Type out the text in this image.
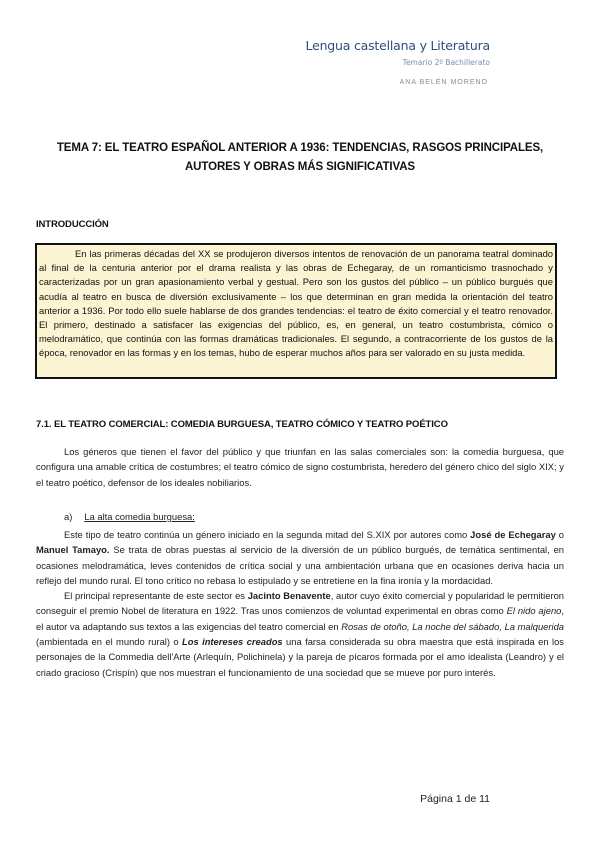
Lengua castellana y Literatura
Temario 2º Bachillerato
ANA BELÉN MORENO
TEMA 7: EL TEATRO ESPAÑOL ANTERIOR A 1936: TENDENCIAS, RASGOS PRINCIPALES,
AUTORES Y OBRAS MÁS SIGNIFICATIVAS
INTRODUCCIÓN
En las primeras décadas del XX se produjeron diversos intentos de renovación de un panorama teatral dominado al final de la centuria anterior por el drama realista y las obras de Echegaray, de un romanticismo trasnochado y caracterizadas por un gran apasionamiento verbal y gestual. Pero son los gustos del público – un público burgués que acudía al teatro en busca de diversión exclusivamente – los que determinan en gran medida la orientación del teatro anterior a 1936. Por todo ello suele hablarse de dos grandes tendencias: el teatro de éxito comercial y el teatro renovador. El primero, destinado a satisfacer las exigencias del público, es, en general, un teatro costumbrista, cómico o melodramático, que continúa con las formas dramáticas tradicionales. El segundo, a contracorriente de los gustos de la época, renovador en las formas y en los temas, hubo de esperar muchos años para ser valorado en su justa medida.
7.1. EL TEATRO COMERCIAL: COMEDIA BURGUESA, TEATRO CÓMICO Y TEATRO POÉTICO

Los géneros que tienen el favor del público y que triunfan en las salas comerciales son: la comedia burguesa, que configura una amable crítica de costumbres; el teatro cómico de signo costumbrista, heredero del género chico del siglo XIX; y el teatro poético, defensor de los ideales nobiliarios.

a) La alta comedia burguesa:

Este tipo de teatro continúa un género iniciado en la segunda mitad del S.XIX por autores como José de Echegaray o Manuel Tamayo. Se trata de obras puestas al servicio de la diversión de un público burgués, de temática sentimental, en ocasiones melodramática, leves contenidos de crítica social y una ambientación urbana que en ocasiones deriva hacia un reflejo del mundo rural. El tono crítico no rebasa lo estipulado y se entretiene en la fina ironía y la mordacidad.

El principal representante de este sector es Jacinto Benavente, autor cuyo éxito comercial y popularidad le permitieron conseguir el premio Nobel de literatura en 1922. Tras unos comienzos de voluntad experimental en obras como El nido ajeno, el autor va adaptando sus textos a las exigencias del teatro comercial en Rosas de otoño, La noche del sábado, La malquerida (ambientada en el mundo rural) o Los intereses creados una farsa considerada su obra maestra que está inspirada en los personajes de la Commedia dell'Arte (Arlequín, Polichinela) y la pareja de pícaros formada por el amo idealista (Leandro) y el criado gracioso (Crispín) que nos muestran el funcionamiento de una sociedad que se mueve por puro interés.

Página 1 de 11
